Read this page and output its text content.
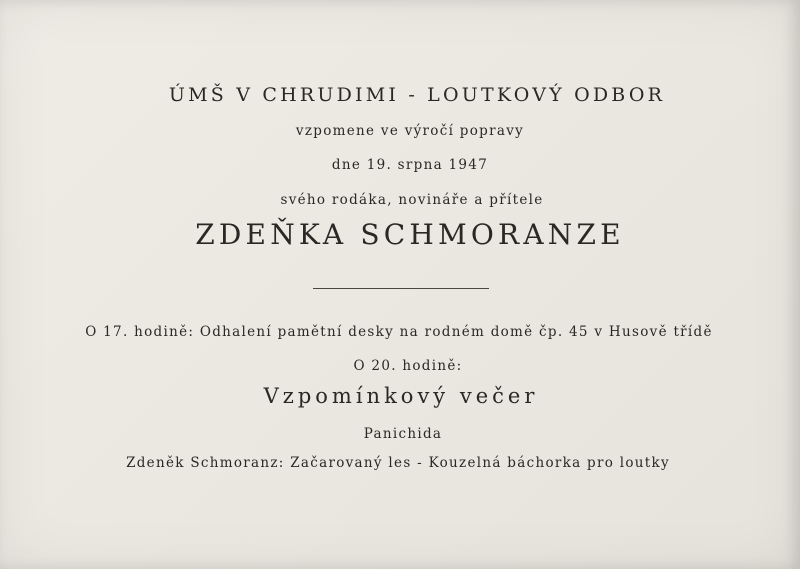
ÚMŠ V CHRUDIMI - LOUTKOVÝ ODBOR
vzpomene ve výročí popravy
dne 19. srpna 1947
svého rodáka, novináře a přítele
ZDEŇKA SCHMORANZE
O 17. hodině: Odhalení pamětní desky na rodném domě čp. 45 v Husově třídě
O 20. hodině:
Vzpomínkový večer
Panichida
Zdeněk Schmoranz: Začarovaný les - Kouzelná báchorka pro loutky
